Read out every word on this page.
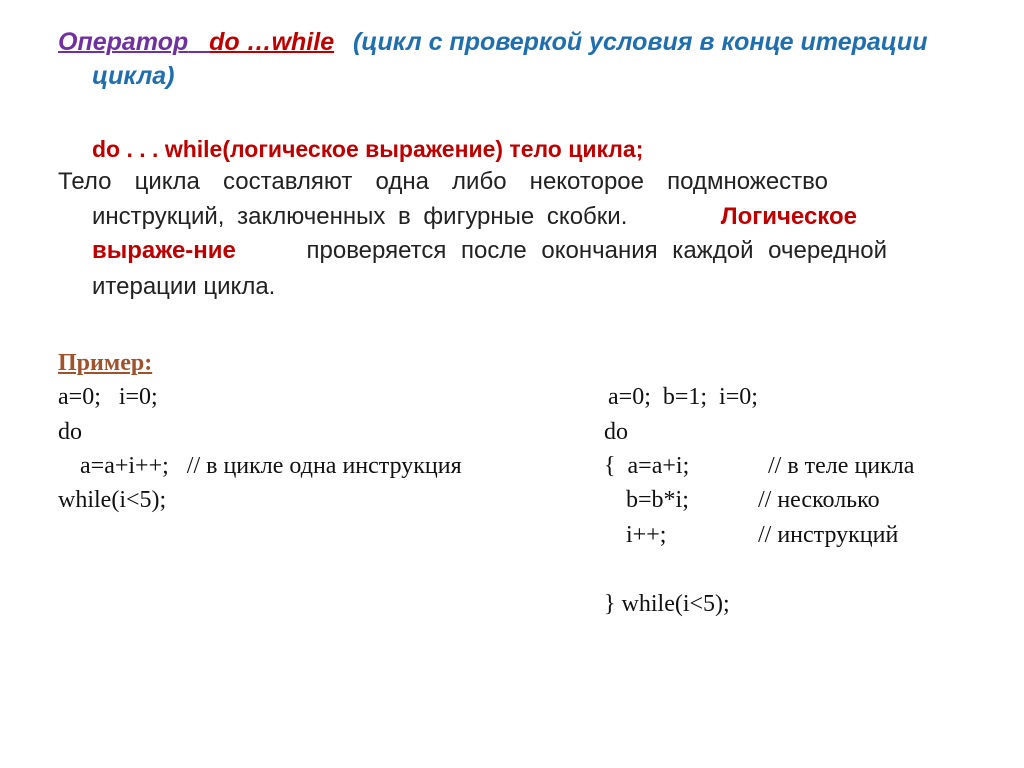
Оператор do …while (цикл с проверкой условия в конце итерации
цикла)
do . . . while(логическое выражение) тело цикла;
Тело цикла составляют одна либо некоторое подмножество
инструкций, заключенных в фигурные скобки.	Логическое
выраже-ние	проверяется после окончания каждой очередной
итерации цикла.
Пример:
a=0;   i=0;
do
a=a+i++;   // в цикле одна инструкция
while(i<5);
a=0;  b=1;  i=0;
do
{  a=a+i;	// в теле цикла
b=b*i;	// несколько
i++;	// инструкций
} while(i<5);
